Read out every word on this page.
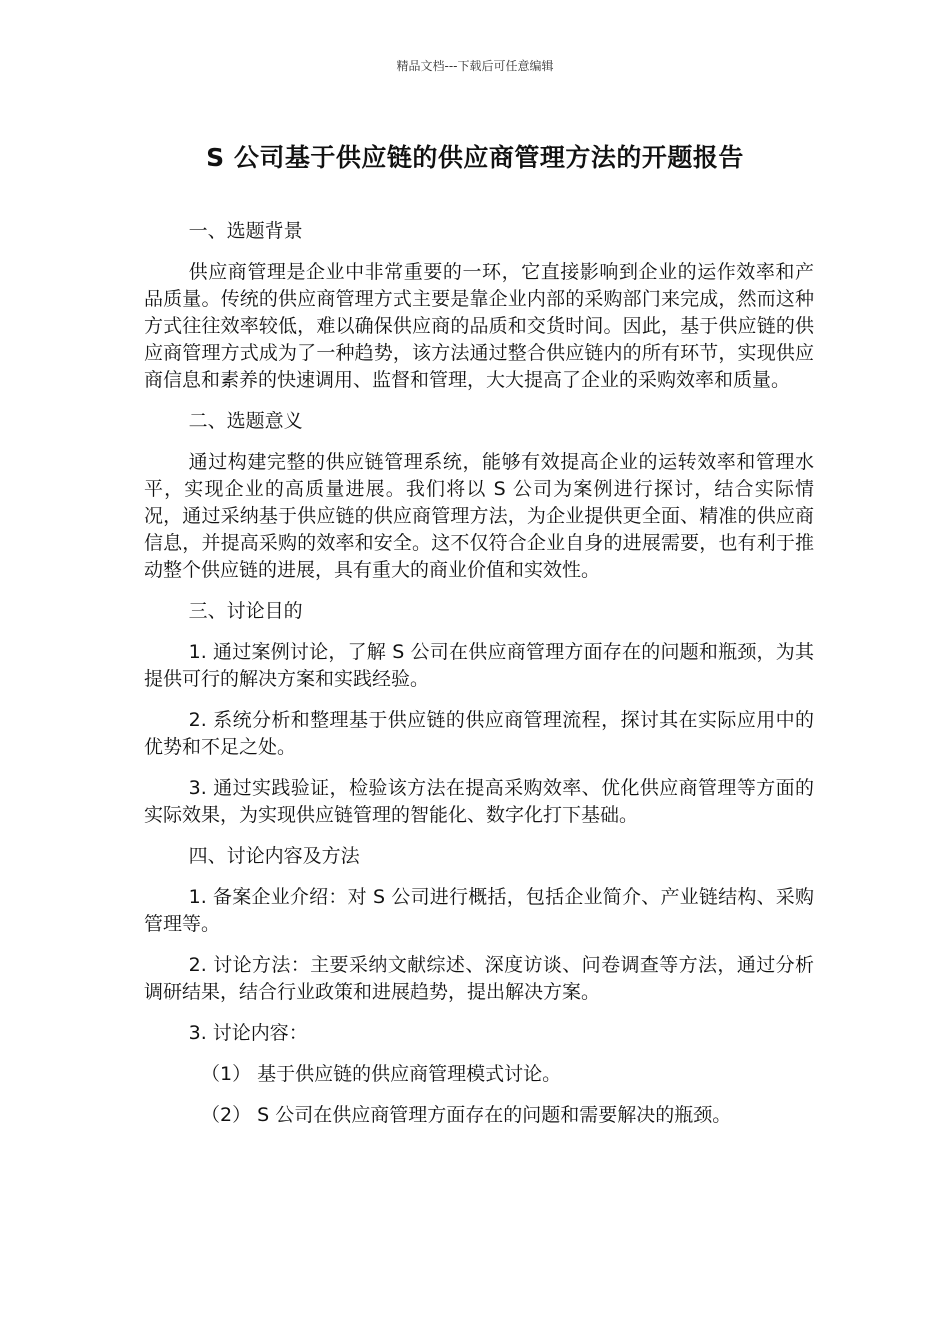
精品文档---下载后可任意编辑
S 公司基于供应链的供应商管理方法的开题报告

一、选题背景

供应商管理是企业中非常重要的一环，它直接影响到企业的运作效率和产品质量。传统的供应商管理方式主要是靠企业内部的采购部门来完成，然而这种方式往往效率较低，难以确保供应商的品质和交货时间。因此，基于供应链的供应商管理方式成为了一种趋势，该方法通过整合供应链内的所有环节，实现供应商信息和素养的快速调用、监督和管理，大大提高了企业的采购效率和质量。

二、选题意义

通过构建完整的供应链管理系统，能够有效提高企业的运转效率和管理水平，实现企业的高质量进展。我们将以 S 公司为案例进行探讨，结合实际情况，通过采纳基于供应链的供应商管理方法，为企业提供更全面、精准的供应商信息，并提高采购的效率和安全。这不仅符合企业自身的进展需要，也有利于推动整个供应链的进展，具有重大的商业价值和实效性。

三、讨论目的

1. 通过案例讨论，了解 S 公司在供应商管理方面存在的问题和瓶颈，为其提供可行的解决方案和实践经验。

2. 系统分析和整理基于供应链的供应商管理流程，探讨其在实际应用中的优势和不足之处。

3. 通过实践验证，检验该方法在提高采购效率、优化供应商管理等方面的实际效果，为实现供应链管理的智能化、数字化打下基础。

四、讨论内容及方法

1. 备案企业介绍：对 S 公司进行概括，包括企业简介、产业链结构、采购管理等。

2. 讨论方法：主要采纳文献综述、深度访谈、问卷调查等方法，通过分析调研结果，结合行业政策和进展趋势，提出解决方案。

3. 讨论内容：

（1） 基于供应链的供应商管理模式讨论。

（2） S 公司在供应商管理方面存在的问题和需要解决的瓶颈。
